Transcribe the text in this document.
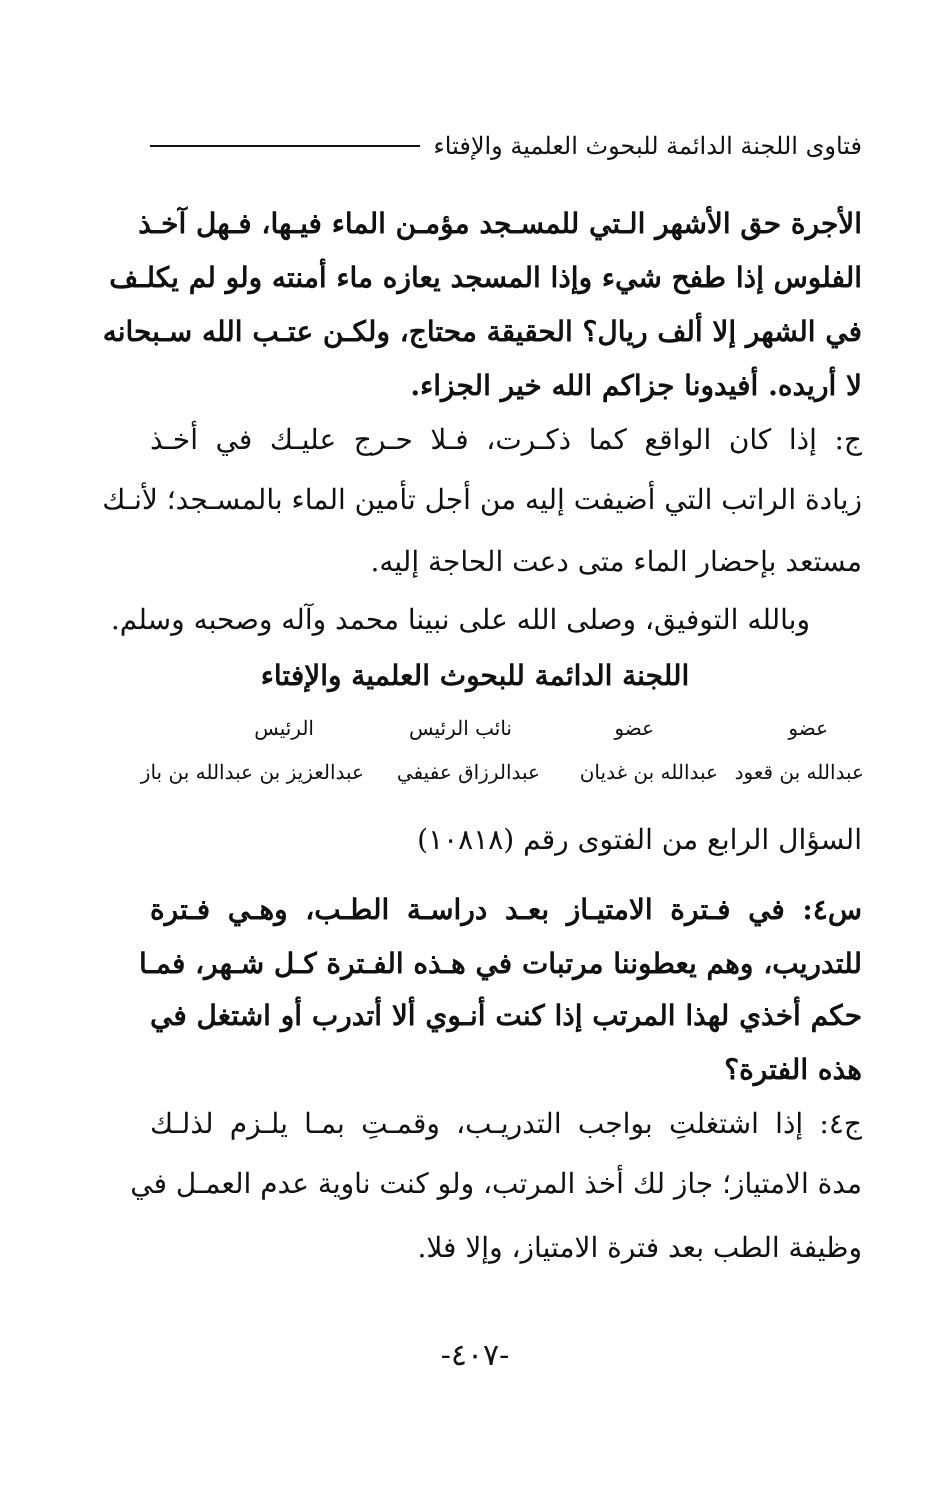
فتاوى اللجنة الدائمة للبحوث العلمية والإفتاء
الأجرة حق الأشهر الـتي للمسـجد مؤمـن الماء فيـها، فـهل آخـذ
الفلوس إذا طفح شيء وإذا المسجد يعازه ماء أمنته ولو لم يكلـف
في الشهر إلا ألف ريال؟ الحقيقة محتاج، ولكـن عتـب الله سـبحانه
لا أريده. أفيدونا جزاكم الله خير الجزاء.
ج: إذا كان الواقع كما ذكـرت، فـلا حـرج عليـك في أخـذ
زيادة الراتب التي أضيفت إليه من أجل تأمين الماء بالمسـجد؛ لأنـك
مستعد بإحضار الماء متى دعت الحاجة إليه.
وبالله التوفيق، وصلى الله على نبينا محمد وآله وصحبه وسلم.
اللجنة الدائمة للبحوث العلمية والإفتاء
عضو
عبدالله بن قعود
عضو
عبدالله بن غديان
نائب الرئيس
عبدالرزاق عفيفي
الرئيس
عبدالعزيز بن عبدالله بن باز
السؤال الرابع من الفتوى رقم (١٠٨١٨)
س٤: في فـترة الامتيـاز بعـد دراسـة الطـب، وهـي فـترة
للتدريب، وهم يعطوننا مرتبات في هـذه الفـترة كـل شـهر، فمـا
حكم أخذي لهذا المرتب إذا كنت أنـوي ألا أتدرب أو اشتغل في
هذه الفترة؟
ج٤: إذا اشتغلتِ بواجب التدريـب، وقمـتِ بمـا يلـزم لذلـك
مدة الامتياز؛ جاز لك أخذ المرتب، ولو كنت ناوية عدم العمـل في
وظيفة الطب بعد فترة الامتياز، وإلا فلا.
-٤٠٧-
